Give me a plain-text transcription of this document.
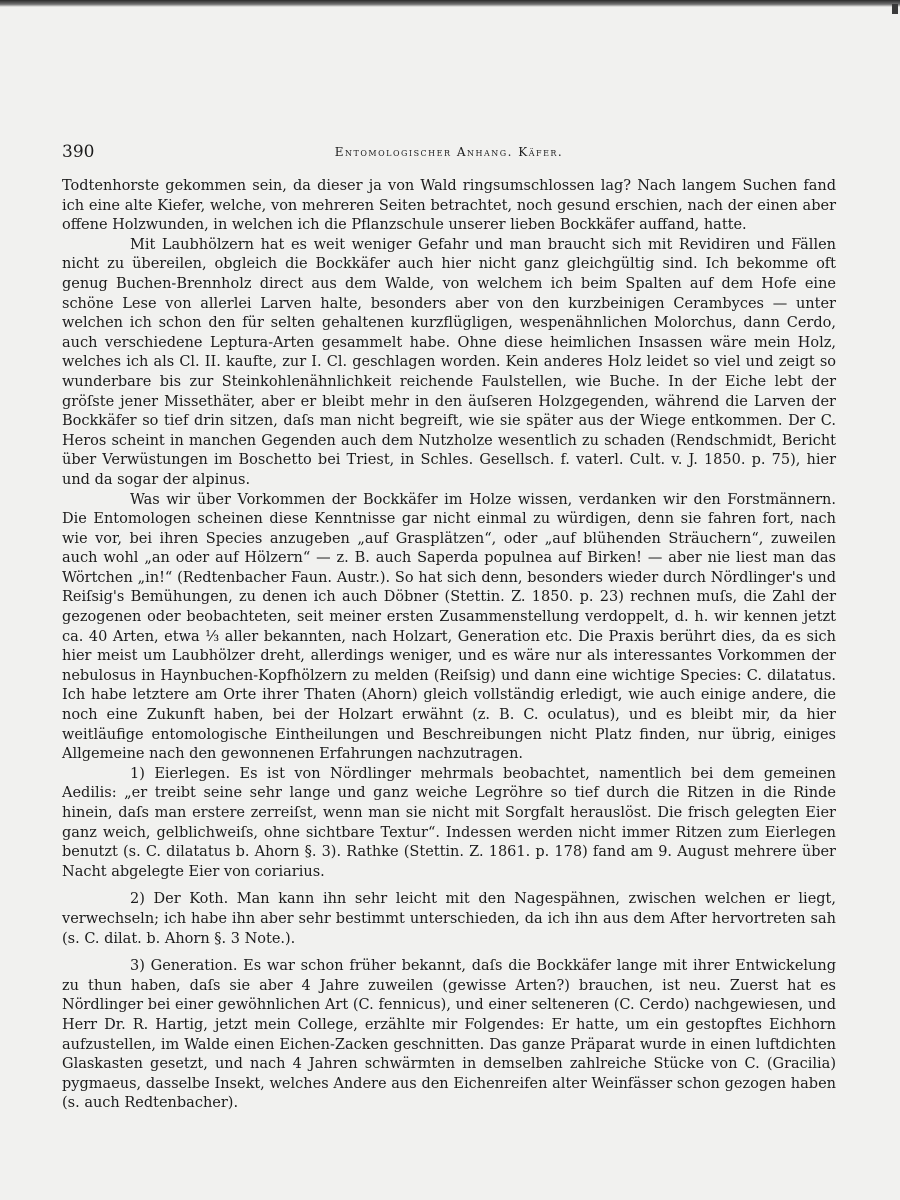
390	Entomologischer Anhang. Käfer.

Todtenhorste gekommen sein, da dieser ja von Wald ringsumschlossen lag? Nach langem Suchen fand ich eine alte Kiefer, welche, von mehreren Seiten betrachtet, noch gesund erschien, nach der einen aber offene Holzwunden, in welchen ich die Pflanzschule unserer lieben Bockkäfer auffand, hatte.

Mit Laubhölzern hat es weit weniger Gefahr und man braucht sich mit Revidiren und Fällen nicht zu übereilen, obgleich die Bockkäfer auch hier nicht ganz gleichgültig sind. Ich bekomme oft genug Buchen-Brennholz direct aus dem Walde, von welchem ich beim Spalten auf dem Hofe eine schöne Lese von allerlei Larven halte, besonders aber von den kurzbeinigen Cerambyces — unter welchen ich schon den für selten gehaltenen kurzflügligen, wespenähnlichen Molorchus, dann Cerdo, auch verschiedene Leptura-Arten gesammelt habe. Ohne diese heimlichen Insassen wäre mein Holz, welches ich als Cl. II. kaufte, zur I. Cl. geschlagen worden. Kein anderes Holz leidet so viel und zeigt so wunderbare bis zur Steinkohlenähnlichkeit reichende Faulstellen, wie Buche. In der Eiche lebt der gröſste jener Missethäter, aber er bleibt mehr in den äuſseren Holzgegenden, während die Larven der Bockkäfer so tief drin sitzen, daſs man nicht begreift, wie sie später aus der Wiege entkommen. Der C. Heros scheint in manchen Gegenden auch dem Nutzholze wesentlich zu schaden (Rendschmidt, Bericht über Verwüstungen im Boschetto bei Triest, in Schles. Gesellsch. f. vaterl. Cult. v. J. 1850. p. 75), hier und da sogar der alpinus.

Was wir über Vorkommen der Bockkäfer im Holze wissen, verdanken wir den Forstmännern. Die Entomologen scheinen diese Kenntnisse gar nicht einmal zu würdigen, denn sie fahren fort, nach wie vor, bei ihren Species anzugeben „auf Grasplätzen“, oder „auf blühenden Sträuchern“, zuweilen auch wohl „an oder auf Hölzern“ — z. B. auch Saperda populnea auf Birken! — aber nie liest man das Wörtchen „in!“ (Redtenbacher Faun. Austr.). So hat sich denn, besonders wieder durch Nördlinger's und Reiſsig's Bemühungen, zu denen ich auch Döbner (Stettin. Z. 1850. p. 23) rechnen muſs, die Zahl der gezogenen oder beobachteten, seit meiner ersten Zusammenstellung verdoppelt, d. h. wir kennen jetzt ca. 40 Arten, etwa ⅓ aller bekannten, nach Holzart, Generation etc. Die Praxis berührt dies, da es sich hier meist um Laubhölzer dreht, allerdings weniger, und es wäre nur als interessantes Vorkommen der nebulosus in Haynbuchen-Kopfhölzern zu melden (Reiſsig) und dann eine wichtige Species: C. dilatatus. Ich habe letztere am Orte ihrer Thaten (Ahorn) gleich vollständig erledigt, wie auch einige andere, die noch eine Zukunft haben, bei der Holzart erwähnt (z. B. C. oculatus), und es bleibt mir, da hier weitläufige entomologische Eintheilungen und Beschreibungen nicht Platz finden, nur übrig, einiges Allgemeine nach den gewonnenen Erfahrungen nachzutragen.

1) Eierlegen. Es ist von Nördlinger mehrmals beobachtet, namentlich bei dem gemeinen Aedilis: „er treibt seine sehr lange und ganz weiche Legröhre so tief durch die Ritzen in die Rinde hinein, daſs man erstere zerreiſst, wenn man sie nicht mit Sorgfalt herauslöst. Die frisch gelegten Eier ganz weich, gelblichweiſs, ohne sichtbare Textur“. Indessen werden nicht immer Ritzen zum Eierlegen benutzt (s. C. dilatatus b. Ahorn §. 3). Rathke (Stettin. Z. 1861. p. 178) fand am 9. August mehrere über Nacht abgelegte Eier von coriarius.

2) Der Koth. Man kann ihn sehr leicht mit den Nagespähnen, zwischen welchen er liegt, verwechseln; ich habe ihn aber sehr bestimmt unterschieden, da ich ihn aus dem After hervortreten sah (s. C. dilat. b. Ahorn §. 3 Note.).

3) Generation. Es war schon früher bekannt, daſs die Bockkäfer lange mit ihrer Entwickelung zu thun haben, daſs sie aber 4 Jahre zuweilen (gewisse Arten?) brauchen, ist neu. Zuerst hat es Nördlinger bei einer gewöhnlichen Art (C. fennicus), und einer selteneren (C. Cerdo) nachgewiesen, und Herr Dr. R. Hartig, jetzt mein College, erzählte mir Folgendes: Er hatte, um ein gestopftes Eichhorn aufzustellen, im Walde einen Eichen-Zacken geschnitten. Das ganze Präparat wurde in einen luftdichten Glaskasten gesetzt, und nach 4 Jahren schwärmten in demselben zahlreiche Stücke von C. (Gracilia) pygmaeus, dasselbe Insekt, welches Andere aus den Eichenreifen alter Weinfässer schon gezogen haben (s. auch Redtenbacher).
